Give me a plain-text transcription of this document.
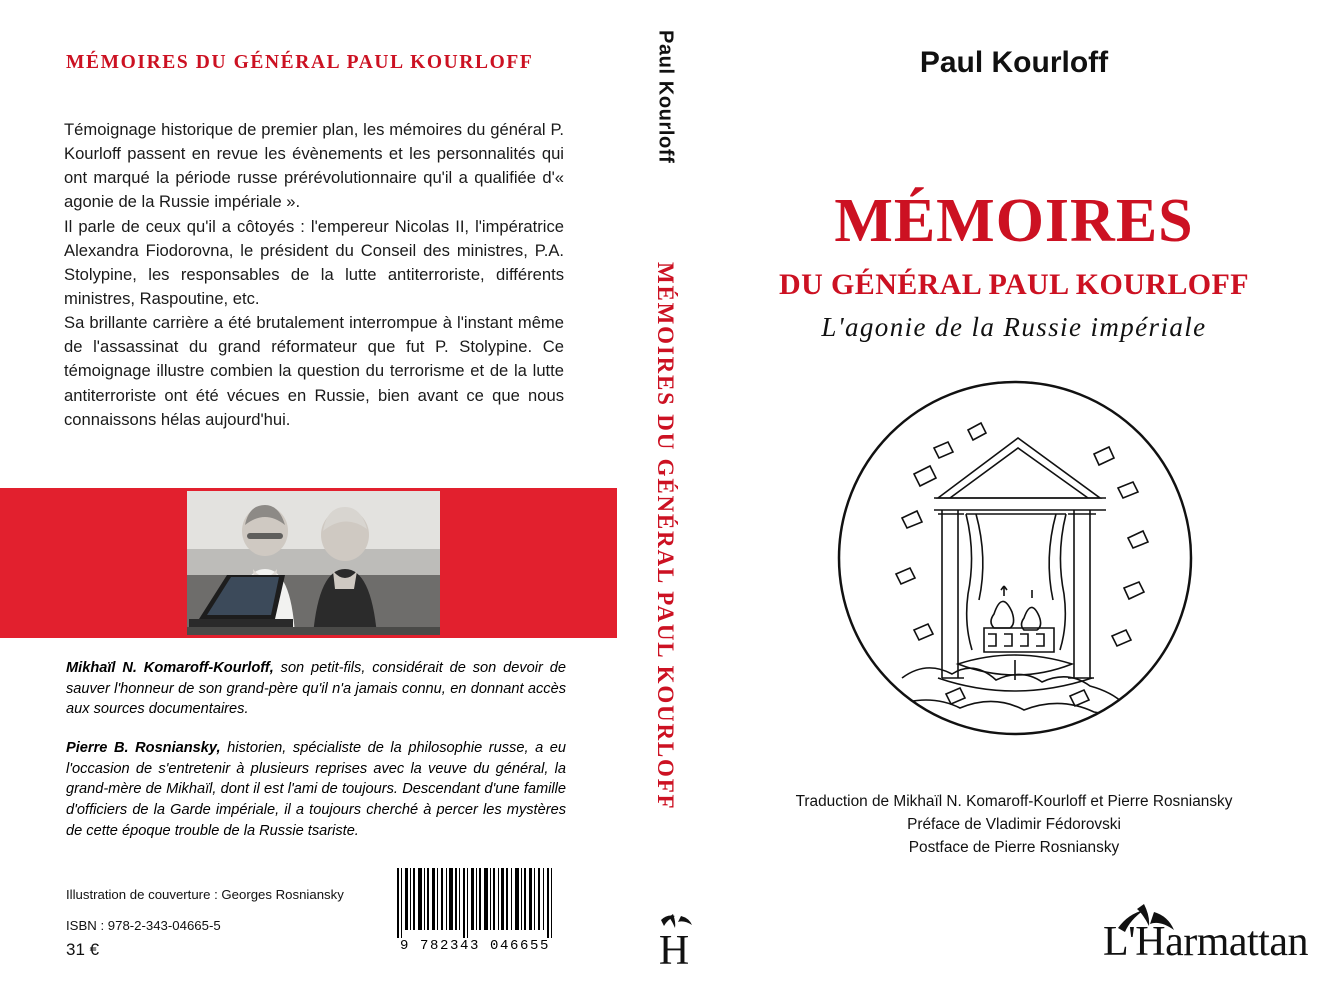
MÉMOIRES DU GÉNÉRAL PAUL KOURLOFF

Témoignage historique de premier plan, les mémoires du général P. Kourloff passent en revue les évènements et les personnalités qui ont marqué la période russe prérévolutionnaire qu'il a qualifiée d'« agonie de la Russie impériale ».

Il parle de ceux qu'il a côtoyés : l'empereur Nicolas II, l'impératrice Alexandra Fiodorovna, le président du Conseil des ministres, P.A. Stolypine, les responsables de la lutte antiterroriste, différents ministres, Raspoutine, etc.

Sa brillante carrière a été brutalement interrompue à l'instant même de l'assassinat du grand réformateur que fut P. Stolypine. Ce témoignage illustre combien la question du terrorisme et de la lutte antiterroriste ont été vécues en Russie, bien avant ce que nous connaissons hélas aujourd'hui.

Mikhaïl N. Komaroff-Kourloff, son petit-fils, considérait de son devoir de sauver l'honneur de son grand-père qu'il n'a jamais connu, en donnant accès aux sources documentaires.
Pierre B. Rosniansky, historien, spécialiste de la philosophie russe, a eu l'occasion de s'entretenir à plusieurs reprises avec la veuve du général, la grand-mère de Mikhaïl, dont il est l'ami de toujours. Descendant d'une famille d'officiers de la Garde impériale, il a toujours cherché à percer les mystères de cette époque trouble de la Russie tsariste.
Illustration de couverture : Georges Rosniansky
ISBN : 978-2-343-04665-5
31 €	9 782343 046655
Paul Kourloff
MÉMOIRES DU GÉNÉRAL PAUL KOURLOFF
H
Paul Kourloff
MÉMOIRES
DU GÉNÉRAL PAUL KOURLOFF
L'agonie de la Russie impériale
Traduction de Mikhaïl N. Komaroff-Kourloff et Pierre Rosniansky
Préface de Vladimir Fédorovski
Postface de Pierre Rosniansky
L'Harmattan
